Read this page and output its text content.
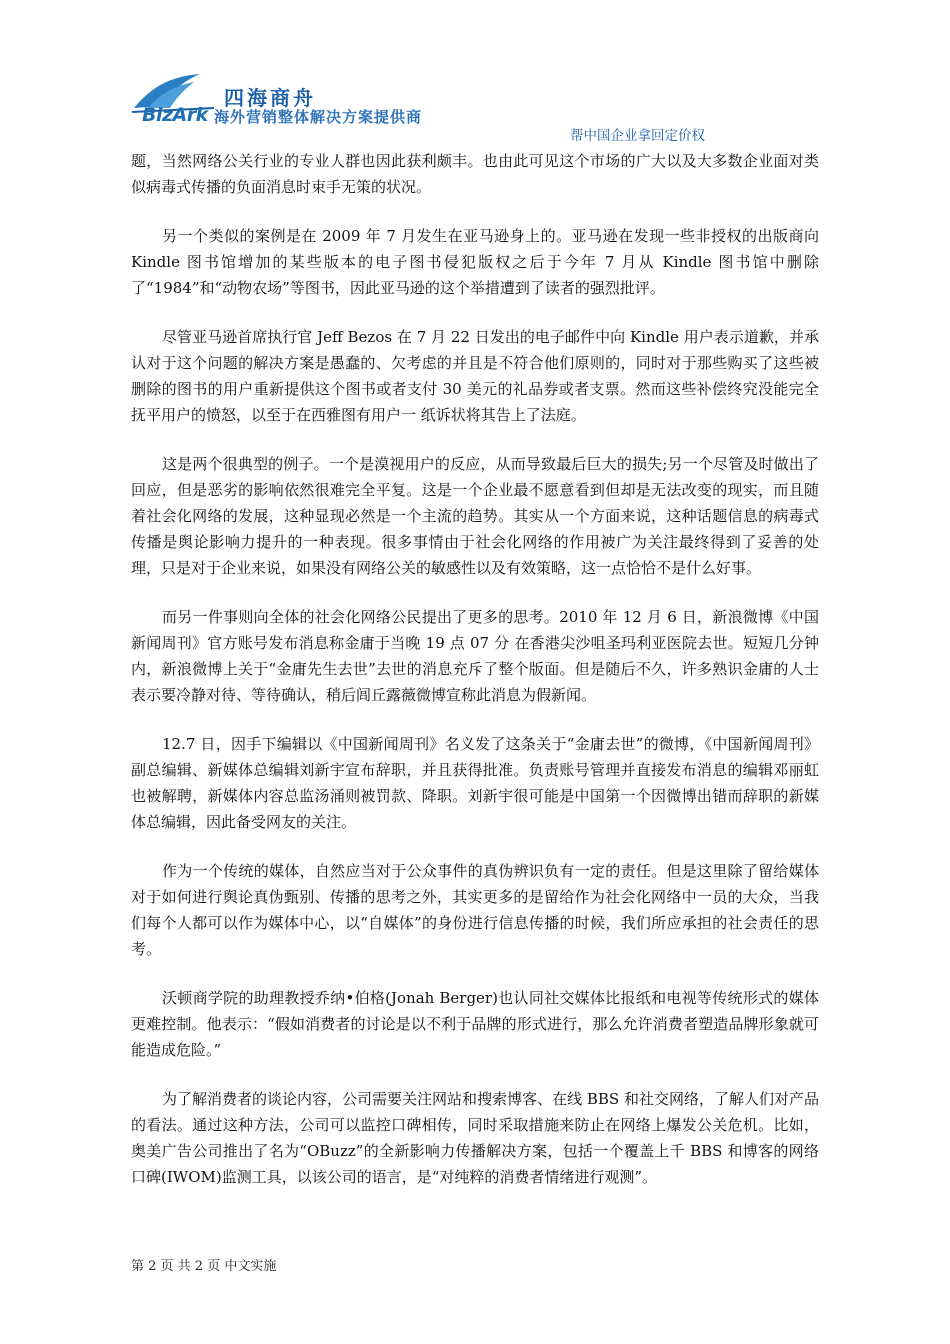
BizArk
四海商舟
海外营销整体解决方案提供商
帮中国企业拿回定价权

题，当然网络公关行业的专业人群也因此获利颇丰。也由此可见这个市场的广大以及大多数企业面对类似病毒式传播的负面消息时束手无策的状况。

另一个类似的案例是在 2009 年 7 月发生在亚马逊身上的。亚马逊在发现一些非授权的出版商向 Kindle 图书馆增加的某些版本的电子图书侵犯版权之后于今年 7 月从 Kindle 图书馆中删除了“1984”和“动物农场”等图书，因此亚马逊的这个举措遭到了读者的强烈批评。

尽管亚马逊首席执行官 Jeff Bezos 在 7 月 22 日发出的电子邮件中向 Kindle 用户表示道歉，并承认对于这个问题的解决方案是愚蠢的、欠考虑的并且是不符合他们原则的，同时对于那些购买了这些被删除的图书的用户重新提供这个图书或者支付 30 美元的礼品券或者支票。然而这些补偿终究没能完全抚平用户的愤怒，以至于在西雅图有用户一 纸诉状将其告上了法庭。

这是两个很典型的例子。一个是漠视用户的反应，从而导致最后巨大的损失;另一个尽管及时做出了回应，但是恶劣的影响依然很难完全平复。这是一个企业最不愿意看到但却是无法改变的现实，而且随着社会化网络的发展，这种显现必然是一个主流的趋势。其实从一个方面来说，这种话题信息的病毒式传播是舆论影响力提升的一种表现。很多事情由于社会化网络的作用被广为关注最终得到了妥善的处理，只是对于企业来说，如果没有网络公关的敏感性以及有效策略，这一点恰恰不是什么好事。

而另一件事则向全体的社会化网络公民提出了更多的思考。2010 年 12 月 6 日，新浪微博《中国新闻周刊》官方账号发布消息称金庸于当晚 19 点 07 分 在香港尖沙咀圣玛利亚医院去世。短短几分钟内，新浪微博上关于“金庸先生去世”去世的消息充斥了整个版面。但是随后不久，许多熟识金庸的人士表示要冷静对待、等待确认，稍后闾丘露薇微博宣称此消息为假新闻。

12.7 日，因手下编辑以《中国新闻周刊》名义发了这条关于“金庸去世”的微博，《中国新闻周刊》副总编辑、新媒体总编辑刘新宇宣布辞职，并且获得批准。负责账号管理并直接发布消息的编辑邓丽虹也被解聘，新媒体内容总监汤涌则被罚款、降职。刘新宇很可能是中国第一个因微博出错而辞职的新媒体总编辑，因此备受网友的关注。

作为一个传统的媒体，自然应当对于公众事件的真伪辨识负有一定的责任。但是这里除了留给媒体对于如何进行舆论真伪甄别、传播的思考之外，其实更多的是留给作为社会化网络中一员的大众，当我们每个人都可以作为媒体中心，以“自媒体”的身份进行信息传播的时候，我们所应承担的社会责任的思考。

沃顿商学院的助理教授乔纳•伯格(Jonah Berger)也认同社交媒体比报纸和电视等传统形式的媒体更难控制。他表示：“假如消费者的讨论是以不利于品牌的形式进行，那么允许消费者塑造品牌形象就可能造成危险。”

为了解消费者的谈论内容，公司需要关注网站和搜索博客、在线 BBS 和社交网络，了解人们对产品的看法。通过这种方法，公司可以监控口碑相传，同时采取措施来防止在网络上爆发公关危机。比如，奥美广告公司推出了名为“OBuzz”的全新影响力传播解决方案，包括一个覆盖上千 BBS 和博客的网络口碑(IWOM)监测工具，以该公司的语言，是“对纯粹的消费者情绪进行观测”。

第 2 页 共 2 页 中文实施
